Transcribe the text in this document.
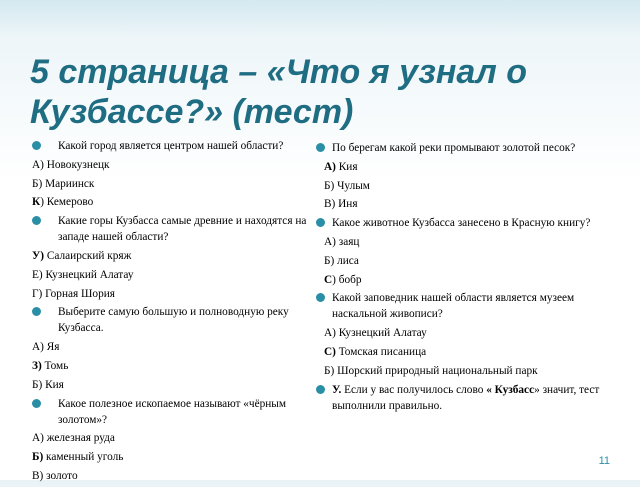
5 страница – «Что я узнал о Кузбассе?» (тест)
Какой город является центром нашей области?
А) Новокузнецк
Б) Мариинск
К) Кемерово
Какие горы Кузбасса самые древние и находятся на западе нашей области?
У) Салаирский кряж
Е) Кузнецкий Алатау
Г) Горная Шория
Выберите самую большую и полноводную реку Кузбасса.
А) Яя
З) Томь
Б) Кия
Какое полезное ископаемое называют «чёрным золотом»?
А) железная руда
Б) каменный уголь
В) золото
По берегам какой реки промывают золотой песок?
А) Кия
Б) Чулым
В) Иня
Какое животное Кузбасса занесено в Красную книгу?
А) заяц
Б) лиса
С) бобр
Какой заповедник нашей области является музеем наскальной живописи?
А) Кузнецкий Алатау
С) Томская писаница
Б) Шорский природный национальный парк
У. Если у вас получилось слово « Кузбасс» значит, тест выполнили правильно.
11
